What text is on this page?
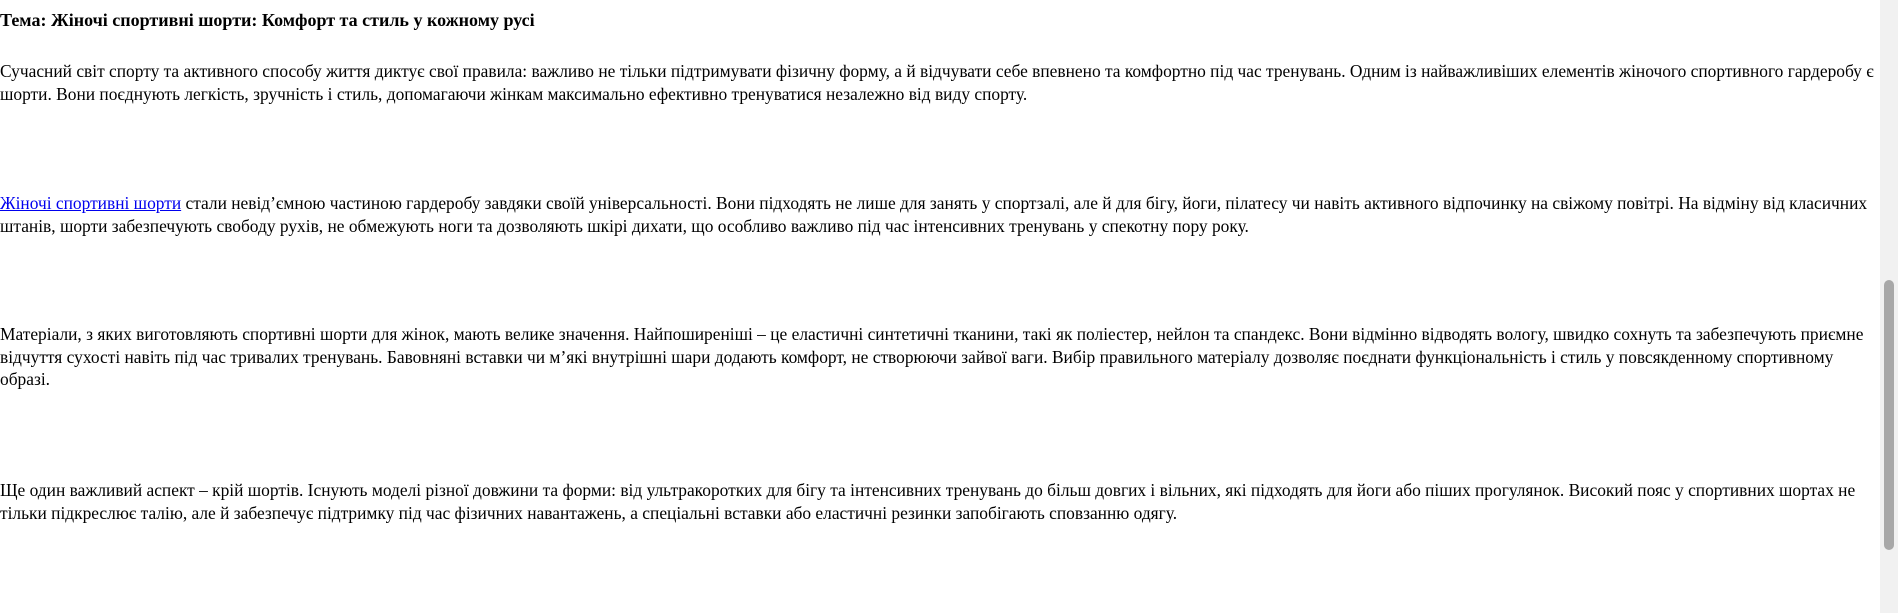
Тема: Жіночі спортивні шорти: Комфорт та стиль у кожному русі

Сучасний світ спорту та активного способу життя диктує свої правила: важливо не тільки підтримувати фізичну форму, а й відчувати себе впевнено та комфортно під час тренувань. Одним із найважливіших елементів жіночого спортивного гардеробу є шорти. Вони поєднують легкість, зручність і стиль, допомагаючи жінкам максимально ефективно тренуватися незалежно від виду спорту.

Жіночі спортивні шорти стали невід’ємною частиною гардеробу завдяки своїй універсальності. Вони підходять не лише для занять у спортзалі, але й для бігу, йоги, пілатесу чи навіть активного відпочинку на свіжому повітрі. На відміну від класичних штанів, шорти забезпечують свободу рухів, не обмежують ноги та дозволяють шкірі дихати, що особливо важливо під час інтенсивних тренувань у спекотну пору року.

Матеріали, з яких виготовляють спортивні шорти для жінок, мають велике значення. Найпоширеніші – це еластичні синтетичні тканини, такі як поліестер, нейлон та спандекс. Вони відмінно відводять вологу, швидко сохнуть та забезпечують приємне відчуття сухості навіть під час тривалих тренувань. Бавовняні вставки чи м’які внутрішні шари додають комфорт, не створюючи зайвої ваги. Вибір правильного матеріалу дозволяє поєднати функціональність і стиль у повсякденному спортивному образі.

Ще один важливий аспект – крій шортів. Існують моделі різної довжини та форми: від ультракоротких для бігу та інтенсивних тренувань до більш довгих і вільних, які підходять для йоги або піших прогулянок. Високий пояс у спортивних шортах не тільки підкреслює талію, але й забезпечує підтримку під час фізичних навантажень, а спеціальні вставки або еластичні резинки запобігають сповзанню одягу.
